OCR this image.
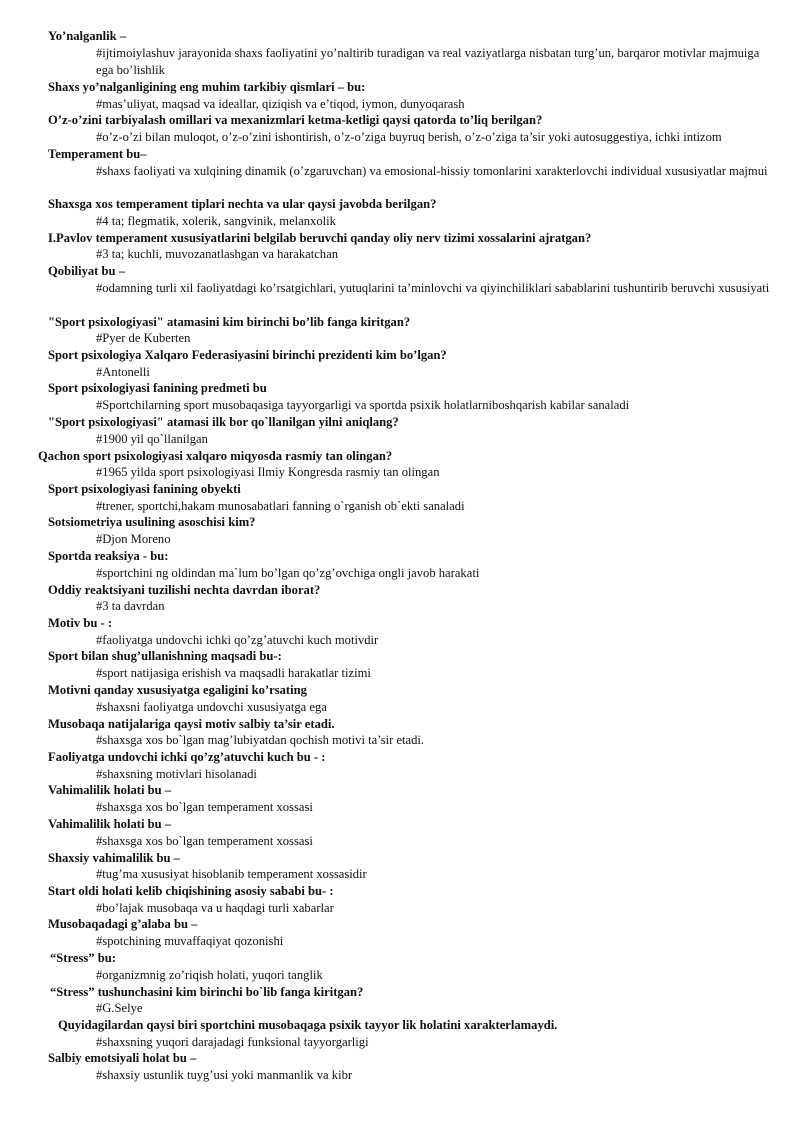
Yo’nalganlik –
#ijtimoiylashuv jarayonida shaxs faoliyatini yo’naltirib turadigan va real vaziyatlarga nisbatan turg’un, barqaror motivlar majmuiga ega bo’lishlik
Shaxs yo’nalganligining eng muhim tarkibiy qismlari – bu:
#mas’uliyat, maqsad va ideallar, qiziqish va e’tiqod, iymon, dunyoqarash
O’z-o’zini tarbiyalash omillari va mexanizmlari ketma-ketligi qaysi qatorda to’liq berilgan?
#o’z-o’zi bilan muloqot, o’z-o’zini ishontirish, o’z-o’ziga buyruq berish, o’z-o’ziga ta’sir yoki autosuggestiya, ichki intizom
Temperament bu–
#shaxs faoliyati va xulqining dinamik (o’zgaruvchan) va emosional-hissiy tomonlarini xarakterlovchi individual xususiyatlar majmui
Shaxsga xos temperament tiplari nechta va ular qaysi javobda berilgan?
#4 ta; flegmatik, xolerik, sangvinik, melanxolik
I.Pavlov temperament xususiyatlarini belgilab beruvchi qanday oliy nerv tizimi xossalarini ajratgan?
#3 ta; kuchli, muvozanatlashgan va harakatchan
Qobiliyat bu –
#odamning turli xil faoliyatdagi ko’rsatgichlari, yutuqlarini ta’minlovchi va qiyinchiliklari sabablarini tushuntirib beruvchi xususiyati
"Sport psixologiyasi" atamasini kim birinchi bo’lib fanga kiritgan?
#Pyer de Kuberten
Sport psixologiya Xalqaro Federasiyasini birinchi prezidenti kim bo’lgan?
#Antonelli
Sport psixologiyasi fanining predmeti bu
#Sportchilarning sport musobaqasiga tayyorgarligi va sportda psixik holatlarniboshqarish kabilar sanaladi
"Sport psixologiyasi" atamasi ilk bor qo`llanilgan yilni aniqlang?
#1900 yil qo`llanilgan
Qachon sport psixologiyasi xalqaro miqyosda rasmiy tan olingan?
#1965 yilda sport psixologiyasi Ilmiy Kongresda rasmiy tan olingan
Sport psixologiyasi fanining obyekti
#trener, sportchi,hakam munosabatlari fanning o`rganish ob`ekti sanaladi
Sotsiometriya usulining asoschisi kim?
#Djon Moreno
Sportda reaksiya - bu:
#sportchini ng oldindan ma`lum bo’lgan qo’zg’ovchiga ongli javob harakati
Oddiy reaktsiyani tuzilishi nechta davrdan iborat?
#3 ta davrdan
Motiv bu - :
#faoliyatga undovchi ichki qo’zg’atuvchi kuch motivdir
Sport bilan shug’ullanishning maqsadi bu-:
#sport natijasiga erishish va maqsadli harakatlar tizimi
Motivni qanday xususiyatga egaligini ko’rsating
#shaxsni faoliyatga undovchi xususiyatga ega
Musobaqa natijalariga qaysi motiv salbiy ta’sir etadi.
#shaxsga xos bo`lgan mag’lubiyatdan qochish motivi ta’sir etadi.
Faoliyatga undovchi ichki qo’zg’atuvchi kuch bu - :
#shaxsning motivlari hisolanadi
Vahimalilik holati bu –
#shaxsga xos bo`lgan temperament xossasi
Vahimalilik holati bu –
#shaxsga xos bo`lgan temperament xossasi
Shaxsiy vahimalilik bu –
#tug’ma xususiyat hisoblanib temperament xossasidir
Start oldi holati kelib chiqishining asosiy sababi bu- :
#bo’lajak musobaqa va u haqdagi turli xabarlar
Musobaqadagi g’alaba bu –
#spotchining muvaffaqiyat qozonishi
“Stress” bu:
#organizmnig zo’riqish holati, yuqori tanglik
“Stress” tushunchasini kim birinchi bo`lib fanga kiritgan?
#G.Selye
Quyidagilardan qaysi biri sportchini musobaqaga psixik tayyor lik holatini xarakterlamaydi.
#shaxsning yuqori darajadagi funksional tayyorgarligi
Salbiy emotsiyali holat bu –
#shaxsiy ustunlik tuyg’usi yoki manmanlik va kibr
